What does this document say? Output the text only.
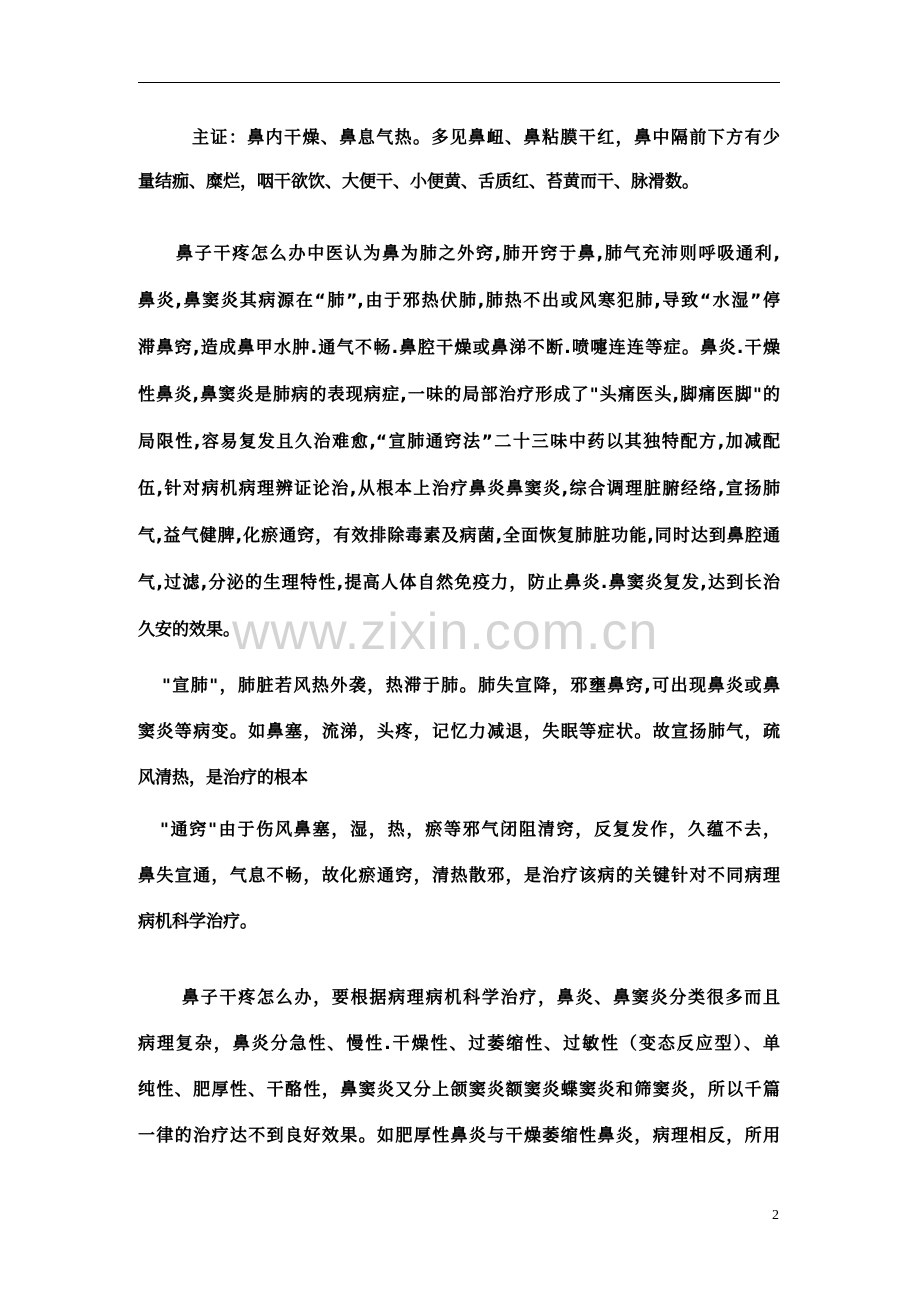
www.zixin.com.cn
主证：鼻内干燥、鼻息气热。多见鼻衄、鼻粘膜干红，鼻中隔前下方有少
量结痂、糜烂，咽干欲饮、大便干、小便黄、舌质红、苔黄而干、脉滑数。
鼻子干疼怎么办中医认为鼻为肺之外窍,肺开窍于鼻,肺气充沛则呼吸通利,
鼻炎,鼻窦炎其病源在“肺”,由于邪热伏肺,肺热不出或风寒犯肺,导致“水湿”停
滞鼻窍,造成鼻甲水肿.通气不畅.鼻腔干燥或鼻涕不断.喷嚏连连等症。鼻炎.干燥
性鼻炎,鼻窦炎是肺病的表现病症,一味的局部治疗形成了"头痛医头,脚痛医脚"的
局限性,容易复发且久治难愈,“宣肺通窍法”二十三味中药以其独特配方,加减配
伍,针对病机病理辨证论治,从根本上治疗鼻炎鼻窦炎,综合调理脏腑经络,宣扬肺
气,益气健脾,化瘀通窍，有效排除毒素及病菌,全面恢复肺脏功能,同时达到鼻腔通
气,过滤,分泌的生理特性,提高人体自然免疫力，防止鼻炎.鼻窦炎复发,达到长治
久安的效果。
"宣肺"，肺脏若风热外袭，热滞于肺。肺失宣降，邪壅鼻窍,可出现鼻炎或鼻
窦炎等病变。如鼻塞，流涕，头疼，记忆力减退，失眠等症状。故宣扬肺气，疏
风清热，是治疗的根本
"通窍"由于伤风鼻塞，湿，热，瘀等邪气闭阻清窍，反复发作，久蕴不去，
鼻失宣通，气息不畅，故化瘀通窍，清热散邪，是治疗该病的关键针对不同病理
病机科学治疗。
鼻子干疼怎么办，要根据病理病机科学治疗，鼻炎、鼻窦炎分类很多而且
病理复杂，鼻炎分急性、慢性.干燥性、过萎缩性、过敏性（变态反应型）、单
纯性、肥厚性、干酪性，鼻窦炎又分上颌窦炎额窦炎蝶窦炎和筛窦炎，所以千篇
一律的治疗达不到良好效果。如肥厚性鼻炎与干燥萎缩性鼻炎，病理相反，所用
2
